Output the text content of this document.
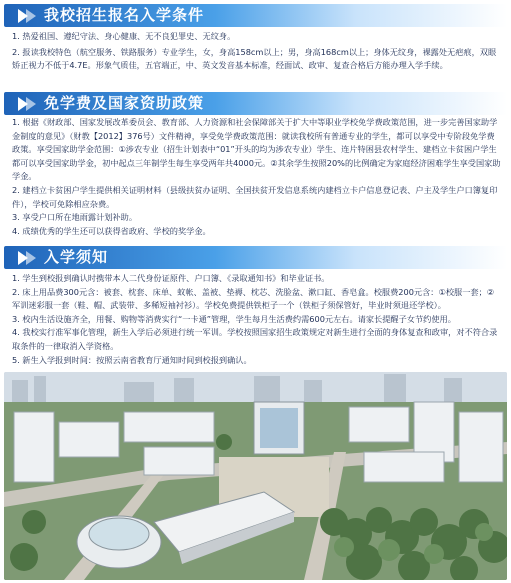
我校招生报名入学条件

1. 热爱祖国、遵纪守法、身心健康、无不良犯罪史、无纹身。

2. 报读我校特色（航空服务、铁路服务）专业学生，女，身高158cm以上；男，身高168cm以上；身体无纹身，裸露处无疤痕，双眼矫正视力不低于4.7E。形象气质佳，五官端正，中、英文发音基本标准，经面试、政审、复查合格后方能办理入学手续。

免学费及国家资助政策

1. 根据《财政部、国家发展改革委员会、教育部、人力资源和社会保障部关于扩大中等职业学校免学费政策范围，进一步完善国家助学金制度的意见》（财教【2012】376号）文件精神，享受免学费政策范围：就读我校所有普通专业的学生，都可以享受中专阶段免学费政策。享受国家助学金范围：①涉农专业（招生计划表中“01”开头的均为涉农专业）学生、连片特困县农村学生、建档立卡贫困户学生都可以享受国家助学金，初中起点三年制学生每生享受两年共4000元。②其余学生按照20%的比例确定为家庭经济困难学生享受国家助学金。

2. 建档立卡贫困户学生提供相关证明材料（县级扶贫办证明、全国扶贫开发信息系统内建档立卡户信息登记表、户主及学生户口簿复印件），学校可免除相应杂费。

3. 享受户口所在地雨露计划补助。

4. 成绩优秀的学生还可以获得省政府、学校的奖学金。

入学须知

1. 学生到校报到确认时携带本人二代身份证原件、户口簿、《录取通知书》和毕业证书。

2. 床上用品费300元含：被套、枕套、床单、蚊帐、盖被、垫褥、枕芯、洗脸盆、漱口缸、香皂盒。校服费200元含：①校服一套；②军训迷彩服一套（鞋、帽、武装带、多稀短袖衬衫）。学校免费提供铁柜子一个（铁柜子须保管好，毕业时须退还学校）。

3. 校内生活设施齐全，用餐、购物等消费实行“一卡通”管理，学生每月生活费约需600元左右。请家长提醒子女节约使用。

4. 我校实行准军事化管理，新生入学后必须进行统一军训。学校按照国家招生政策规定对新生进行全面的身体复查和政审，对不符合录取条件的一律取消入学资格。

5. 新生入学报到时间：按照云南省教育厅通知时间到校报到确认。
